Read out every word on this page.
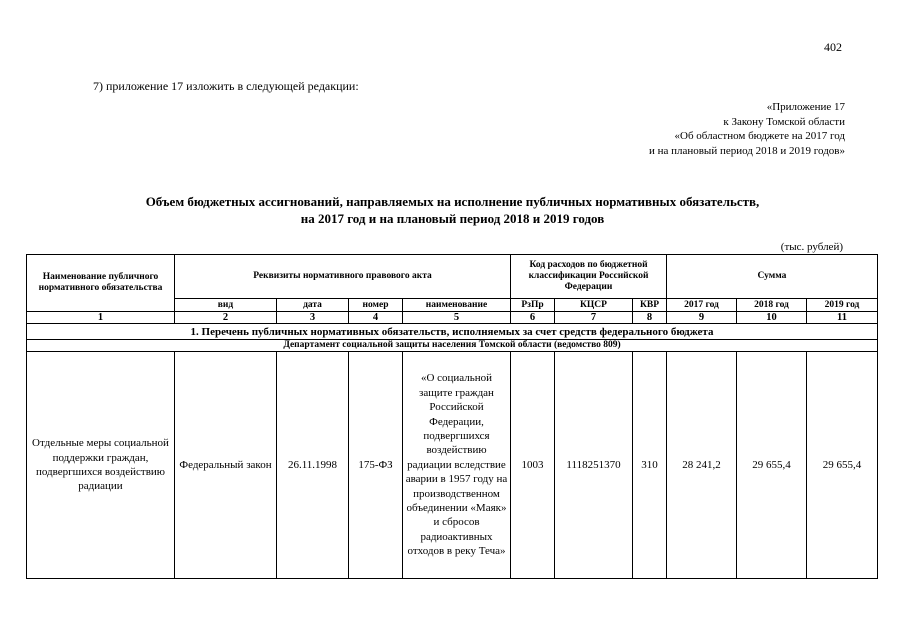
402
7) приложение 17 изложить в следующей редакции:
«Приложение 17
к Закону Томской области
«Об областном бюджете на 2017 год
и на плановый период 2018 и 2019 годов»
Объем бюджетных ассигнований, направляемых на исполнение публичных нормативных обязательств,
на 2017 год и на плановый период 2018 и 2019 годов
(тыс. рублей)
Наименование публичного нормативного обязательства	Реквизиты нормативного правового акта				Код расходов по бюджетной классификации Российской Федерации			Сумма		
	вид	дата	номер	наименование	РзПр	КЦСР	КВР	2017 год	2018 год	2019 год
1	2	3	4	5	6	7	8	9	10	11
1. Перечень публичных нормативных обязательств, исполняемых за счет средств федерального бюджета										
Департамент социальной защиты населения Томской области (ведомство 809)										
Отдельные меры социальной поддержки граждан, подвергшихся воздействию радиации	Федеральный закон	26.11.1998	175-ФЗ	«О социальной защите граждан Российской Федерации, подвергшихся воздействию радиации вследствие аварии в 1957 году на производственном объединении «Маяк» и сбросов радиоактивных отходов в реку Теча»	1003	1118251370	310	28 241,2	29 655,4	29 655,4
